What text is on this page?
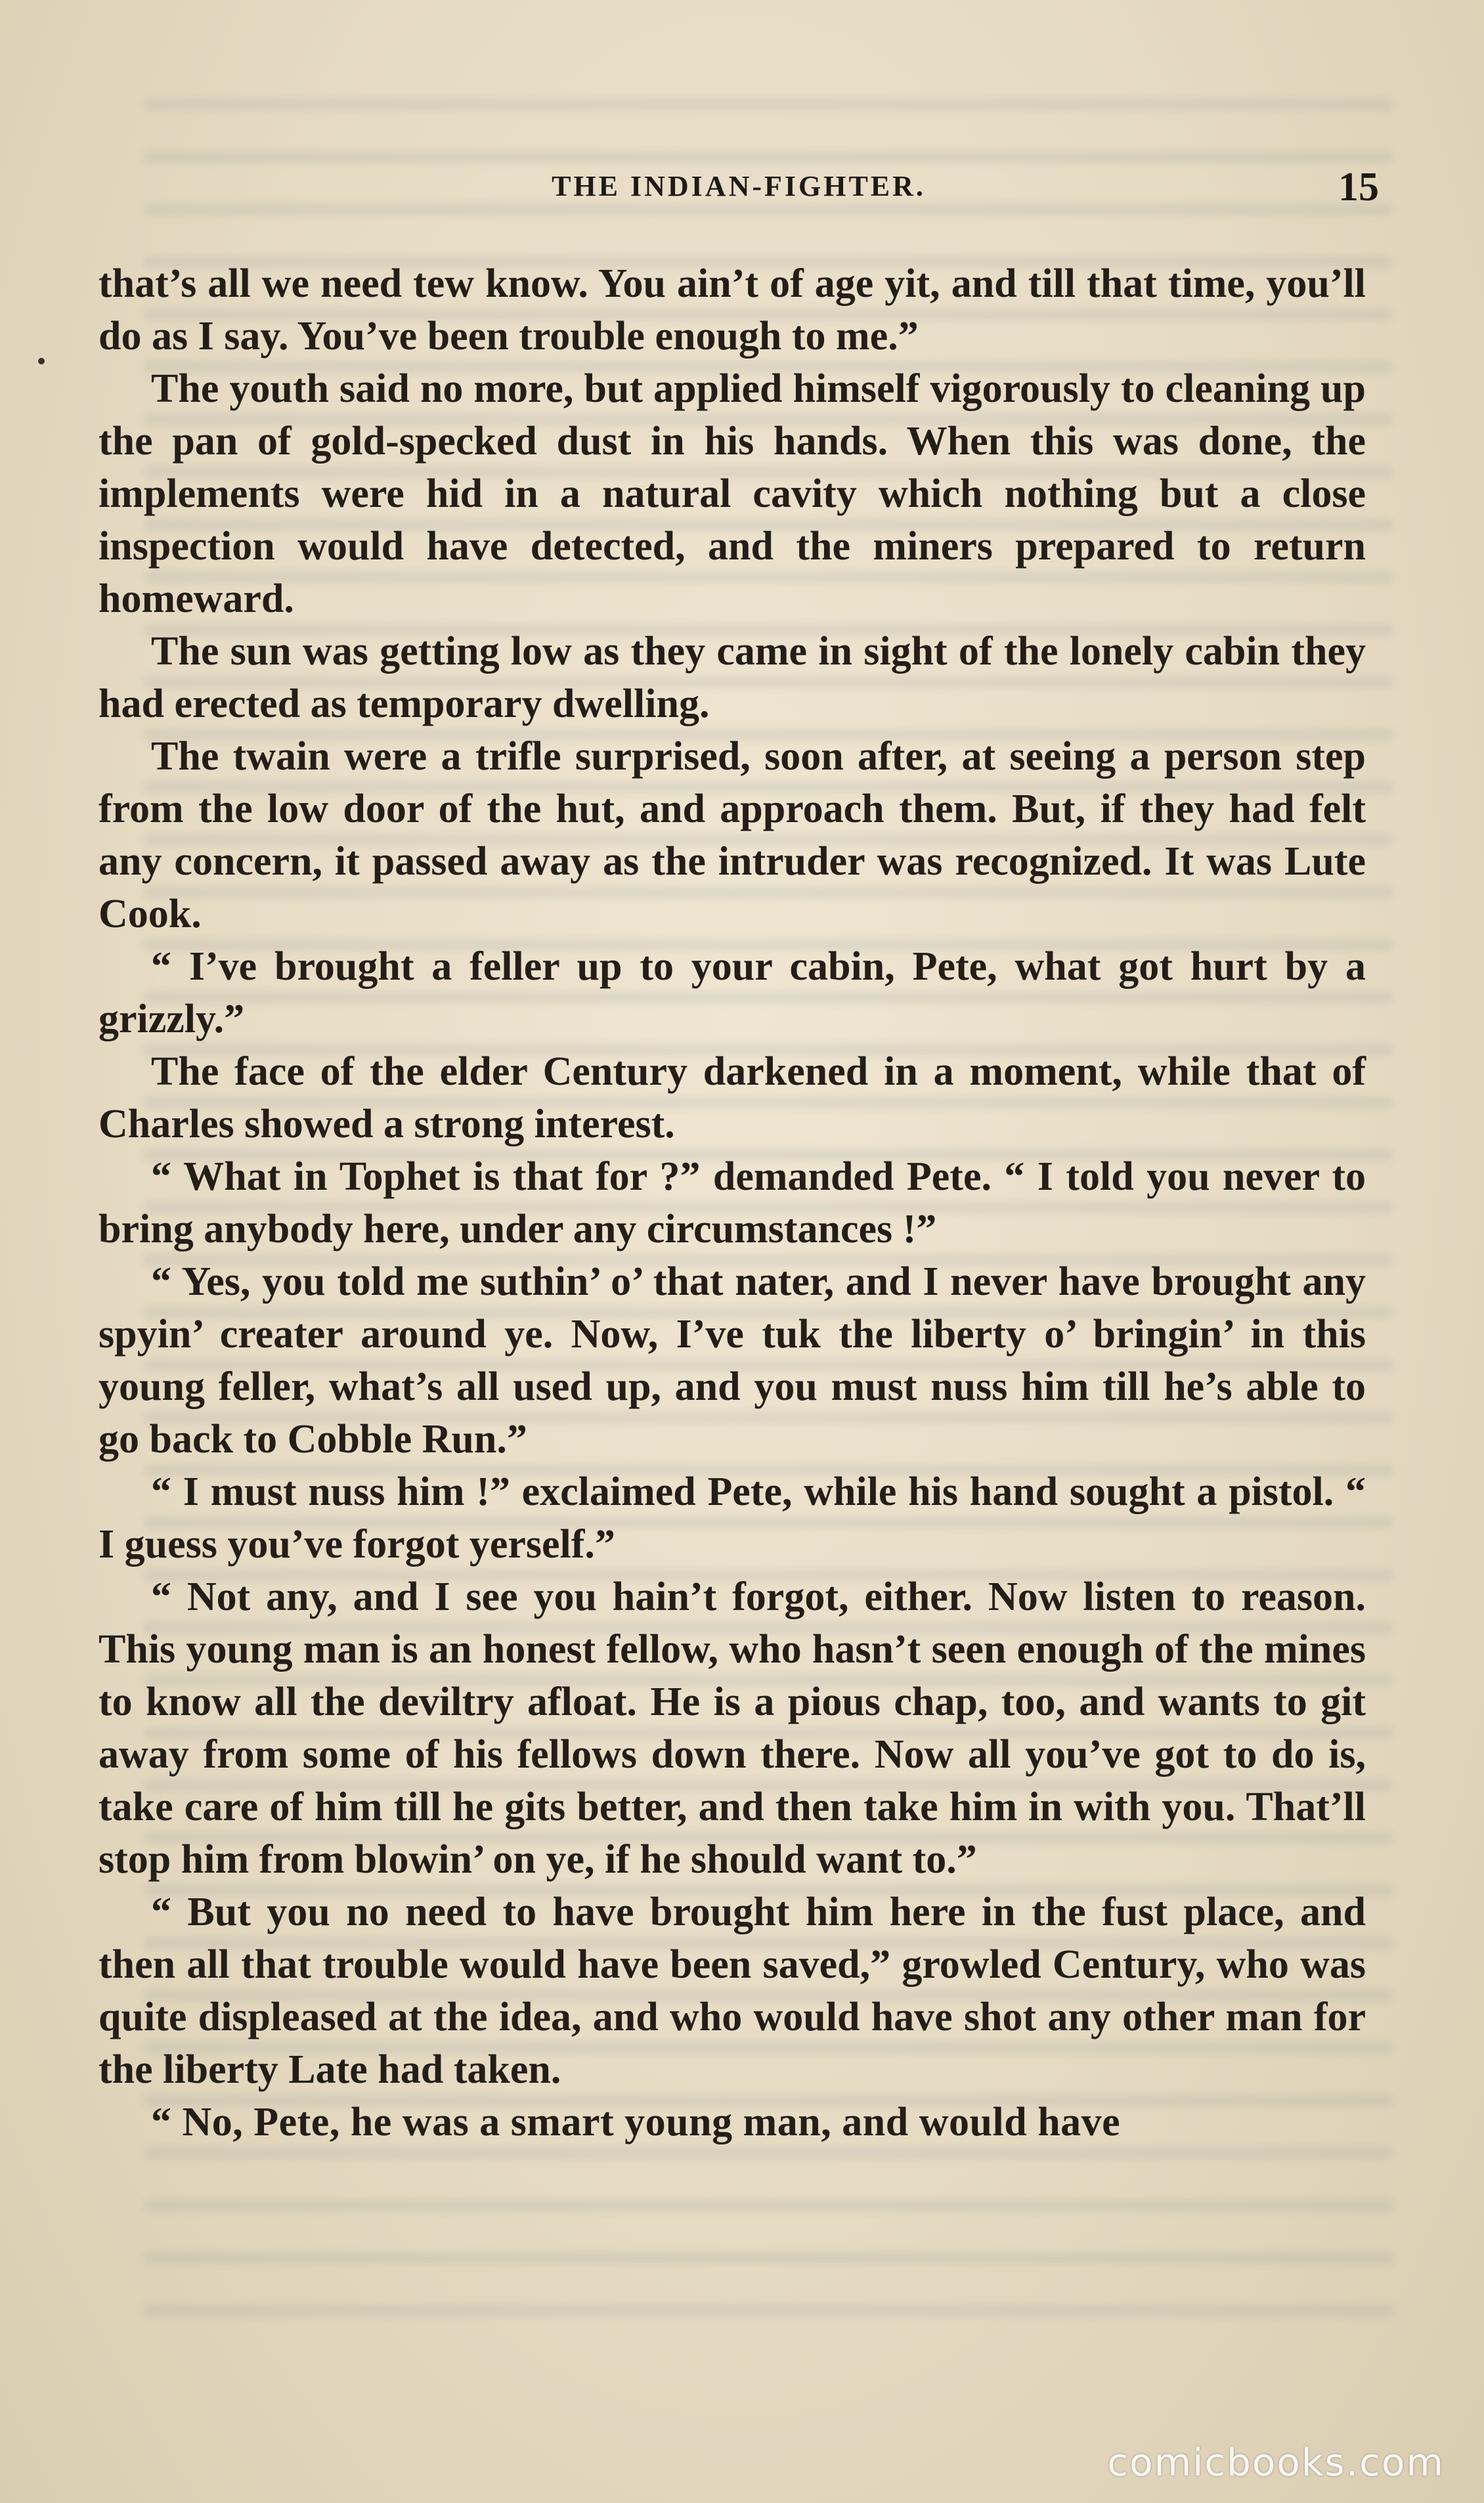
THE INDIAN-FIGHTER.	15

that’s all we need tew know. You ain’t of age yit, and till that time, you’ll do as I say. You’ve been trouble enough to me.”

The youth said no more, but applied himself vigorously to cleaning up the pan of gold-specked dust in his hands. When this was done, the implements were hid in a natural cavity which nothing but a close inspection would have detected, and the miners prepared to return homeward.

The sun was getting low as they came in sight of the lonely cabin they had erected as temporary dwelling.

The twain were a trifle surprised, soon after, at seeing a person step from the low door of the hut, and approach them. But, if they had felt any concern, it passed away as the intruder was recognized. It was Lute Cook.

“ I’ve brought a feller up to your cabin, Pete, what got hurt by a grizzly.”

The face of the elder Century darkened in a moment, while that of Charles showed a strong interest.

“ What in Tophet is that for ?” demanded Pete. “ I told you never to bring anybody here, under any circumstances !”

“ Yes, you told me suthin’ o’ that nater, and I never have brought any spyin’ creater around ye. Now, I’ve tuk the liberty o’ bringin’ in this young feller, what’s all used up, and you must nuss him till he’s able to go back to Cobble Run.”

“ I must nuss him !” exclaimed Pete, while his hand sought a pistol. “ I guess you’ve forgot yerself.”

“ Not any, and I see you hain’t forgot, either. Now listen to reason. This young man is an honest fellow, who hasn’t seen enough of the mines to know all the deviltry afloat. He is a pious chap, too, and wants to git away from some of his fellows down there. Now all you’ve got to do is, take care of him till he gits better, and then take him in with you. That’ll stop him from blowin’ on ye, if he should want to.”

“ But you no need to have brought him here in the fust place, and then all that trouble would have been saved,” growled Century, who was quite displeased at the idea, and who would have shot any other man for the liberty Late had taken.

“ No, Pete, he was a smart young man, and would have

comicbooks.com
